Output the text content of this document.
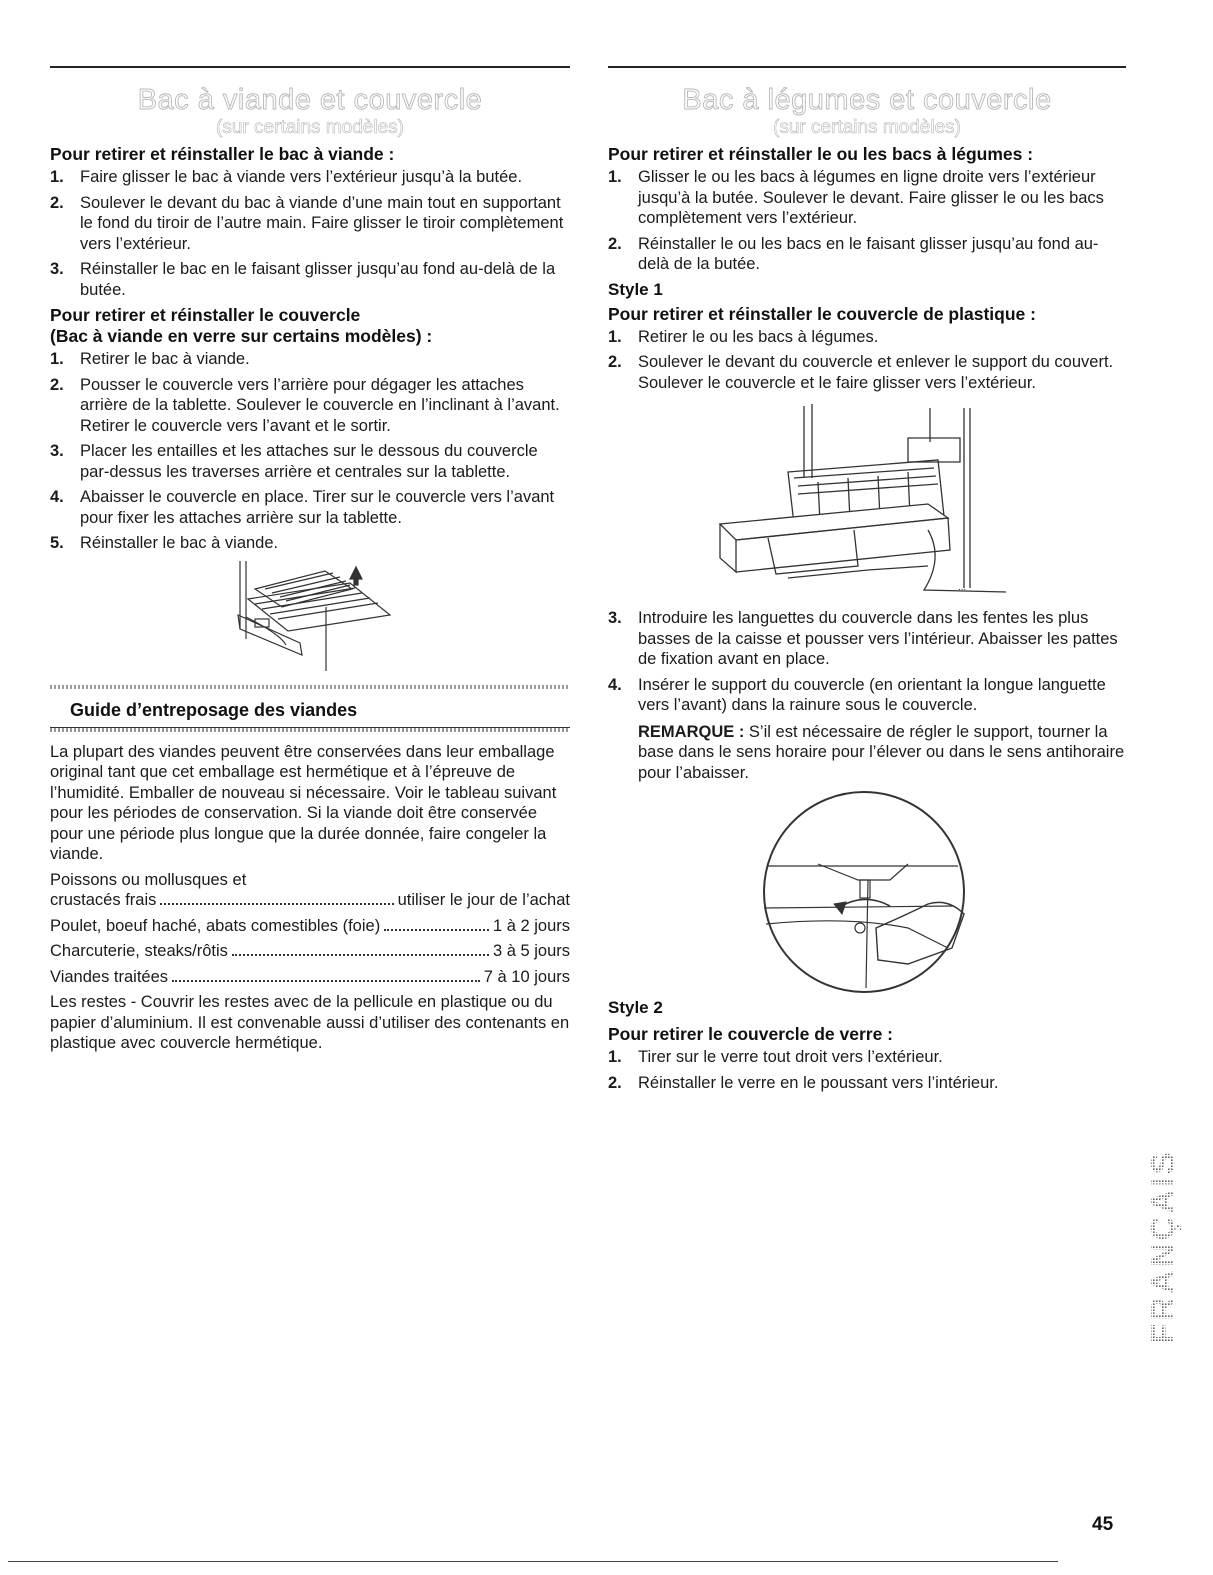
Bac à viande et couvercle
(sur certains modèles)
Pour retirer et réinstaller le bac à viande :
1. Faire glisser le bac à viande vers l’extérieur jusqu’à la butée.
2. Soulever le devant du bac à viande d’une main tout en supportant le fond du tiroir de l’autre main. Faire glisser le tiroir complètement vers l’extérieur.
3. Réinstaller le bac en le faisant glisser jusqu’au fond au-delà de la butée.
Pour retirer et réinstaller le couvercle
(Bac à viande en verre sur certains modèles) :
1. Retirer le bac à viande.
2. Pousser le couvercle vers l’arrière pour dégager les attaches arrière de la tablette. Soulever le couvercle en l’inclinant à l’avant. Retirer le couvercle vers l’avant et le sortir.
3. Placer les entailles et les attaches sur le dessous du couvercle par-dessus les traverses arrière et centrales sur la tablette.
4. Abaisser le couvercle en place. Tirer sur le couvercle vers l’avant pour fixer les attaches arrière sur la tablette.
5. Réinstaller le bac à viande.
Guide d’entreposage des viandes

La plupart des viandes peuvent être conservées dans leur emballage original tant que cet emballage est hermétique et à l’épreuve de l’humidité. Emballer de nouveau si nécessaire. Voir le tableau suivant pour les périodes de conservation. Si la viande doit être conservée pour une période plus longue que la durée donnée, faire congeler la viande.

Poissons ou mollusques et

crustacés frais	utiliser le jour de l’achat
Poulet, boeuf haché, abats comestibles (foie)	1 à 2 jours
Charcuterie, steaks/rôtis	3 à 5 jours
Viandes traitées	7 à 10 jours

Les restes - Couvrir les restes avec de la pellicule en plastique ou du papier d’aluminium. Il est convenable aussi d’utiliser des contenants en plastique avec couvercle hermétique.

Bac à légumes et couvercle
(sur certains modèles)
Pour retirer et réinstaller le ou les bacs à légumes :
1. Glisser le ou les bacs à légumes en ligne droite vers l’extérieur jusqu’à la butée. Soulever le devant. Faire glisser le ou les bacs complètement vers l’extérieur.
2. Réinstaller le ou les bacs en le faisant glisser jusqu’au fond au-delà de la butée.
Style 1
Pour retirer et réinstaller le couvercle de plastique :
1. Retirer le ou les bacs à légumes.
2. Soulever le devant du couvercle et enlever le support du couvert. Soulever le couvercle et le faire glisser vers l’extérieur.
...
3. Introduire les languettes du couvercle dans les fentes les plus basses de la caisse et pousser vers l’intérieur. Abaisser les pattes de fixation avant en place.
4. Insérer le support du couvercle (en orientant la longue languette vers l’avant) dans la rainure sous le couvercle.

REMARQUE : S’il est nécessaire de régler le support, tourner la base dans le sens horaire pour l’élever ou dans le sens antihoraire pour l’abaisser.

Style 2
Pour retirer le couvercle de verre :
1. Tirer sur le verre tout droit vers l’extérieur.
2. Réinstaller le verre en le poussant vers l’intérieur.
FRANÇAIS
45
